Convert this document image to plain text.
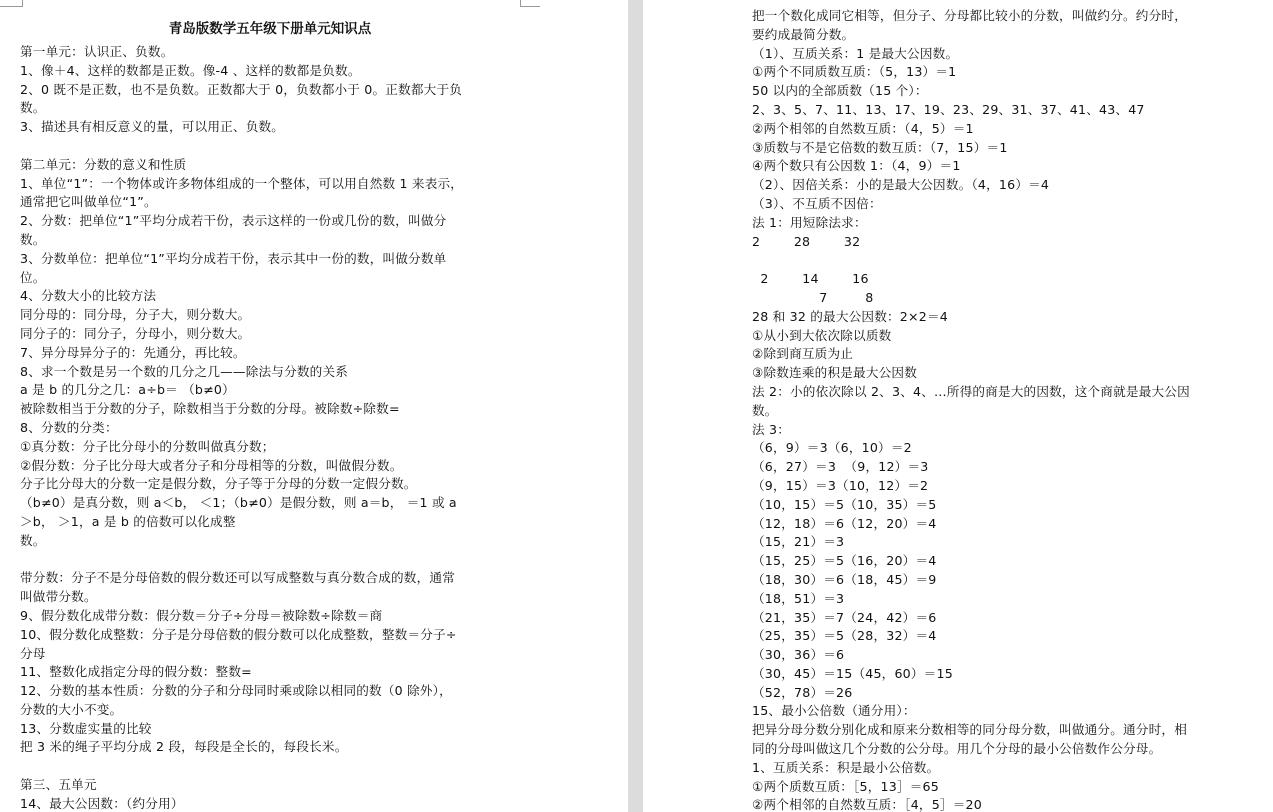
青岛版数学五年级下册单元知识点
第一单元：认识正、负数。
1、像＋4、这样的数都是正数。像-4 、这样的数都是负数。
2、0 既不是正数，也不是负数。正数都大于 0，负数都小于 0。正数都大于负
数。
3、描述具有相反意义的量，可以用正、负数。
第二单元：分数的意义和性质
1、单位“1”：一个物体或许多物体组成的一个整体，可以用自然数 1 来表示，
通常把它叫做单位“1”。
2、分数：把单位“1”平均分成若干份，表示这样的一份或几份的数，叫做分
数。
3、分数单位：把单位“1”平均分成若干份，表示其中一份的数，叫做分数单
位。
4、分数大小的比较方法
同分母的：同分母，分子大，则分数大。
同分子的：同分子，分母小，则分数大。
7、异分母异分子的：先通分，再比较。
8、求一个数是另一个数的几分之几——除法与分数的关系
a 是 b 的几分之几：a÷b＝ （b≠0）
被除数相当于分数的分子，除数相当于分数的分母。被除数÷除数=
8、分数的分类：
①真分数：分子比分母小的分数叫做真分数；
②假分数：分子比分母大或者分子和分母相等的分数，叫做假分数。
分子比分母大的分数一定是假分数，分子等于分母的分数一定假分数。
（b≠0）是真分数，则 a＜b， ＜1；（b≠0）是假分数，则 a＝b， ＝1 或 a
＞b， ＞1，a 是 b 的倍数可以化成整
数。
带分数：分子不是分母倍数的假分数还可以写成整数与真分数合成的数，通常
叫做带分数。
9、假分数化成带分数：假分数＝分子÷分母＝被除数÷除数＝商
10、假分数化成整数：分子是分母倍数的假分数可以化成整数，整数＝分子÷
分母
11、整数化成指定分母的假分数：整数=
12、分数的基本性质：分数的分子和分母同时乘或除以相同的数（0 除外），
分数的大小不变。
13、分数虚实量的比较
把 3 米的绳子平均分成 2 段，每段是全长的，每段长米。
第三、五单元
14、最大公因数：（约分用）
把一个数化成同它相等，但分子、分母都比较小的分数，叫做约分。约分时，
要约成最简分数。
（1）、互质关系：1 是最大公因数。
①两个不同质数互质：（5，13）＝1
50 以内的全部质数（15 个）：
2、3、5、7、11、13、17、19、23、29、31、37、41、43、47
②两个相邻的自然数互质：（4，5）＝1
③质数与不是它倍数的数互质：（7，15）＝1
④两个数只有公因数 1：（4，9）＝1
（2）、因倍关系：小的是最大公因数。（4，16）＝4
（3）、不互质不因倍：
法 1：用短除法求：
2        28        32
2        14        16
7         8
28 和 32 的最大公因数：2×2＝4
①从小到大依次除以质数
②除到商互质为止
③除数连乘的积是最大公因数
法 2：小的依次除以 2、3、4、…所得的商是大的因数，这个商就是最大公因
数。
法 3：
（6，9）＝3（6，10）＝2
（6，27）＝3  （9，12）＝3
（9，15）＝3（10，12）＝2
（10，15）＝5（10，35）＝5
（12，18）＝6（12，20）＝4
（15，21）＝3
（15，25）＝5（16，20）＝4
（18，30）＝6（18，45）＝9
（18，51）＝3
（21，35）＝7（24，42）＝6
（25，35）＝5（28，32）＝4
（30，36）＝6
（30，45）＝15（45，60）＝15
（52，78）＝26
15、最小公倍数（通分用）：
把异分母分数分别化成和原来分数相等的同分母分数，叫做通分。通分时，相
同的分母叫做这几个分数的公分母。用几个分母的最小公倍数作公分母。
1、互质关系：积是最小公倍数。
①两个质数互质：［5，13］＝65
②两个相邻的自然数互质：［4，5］＝20
